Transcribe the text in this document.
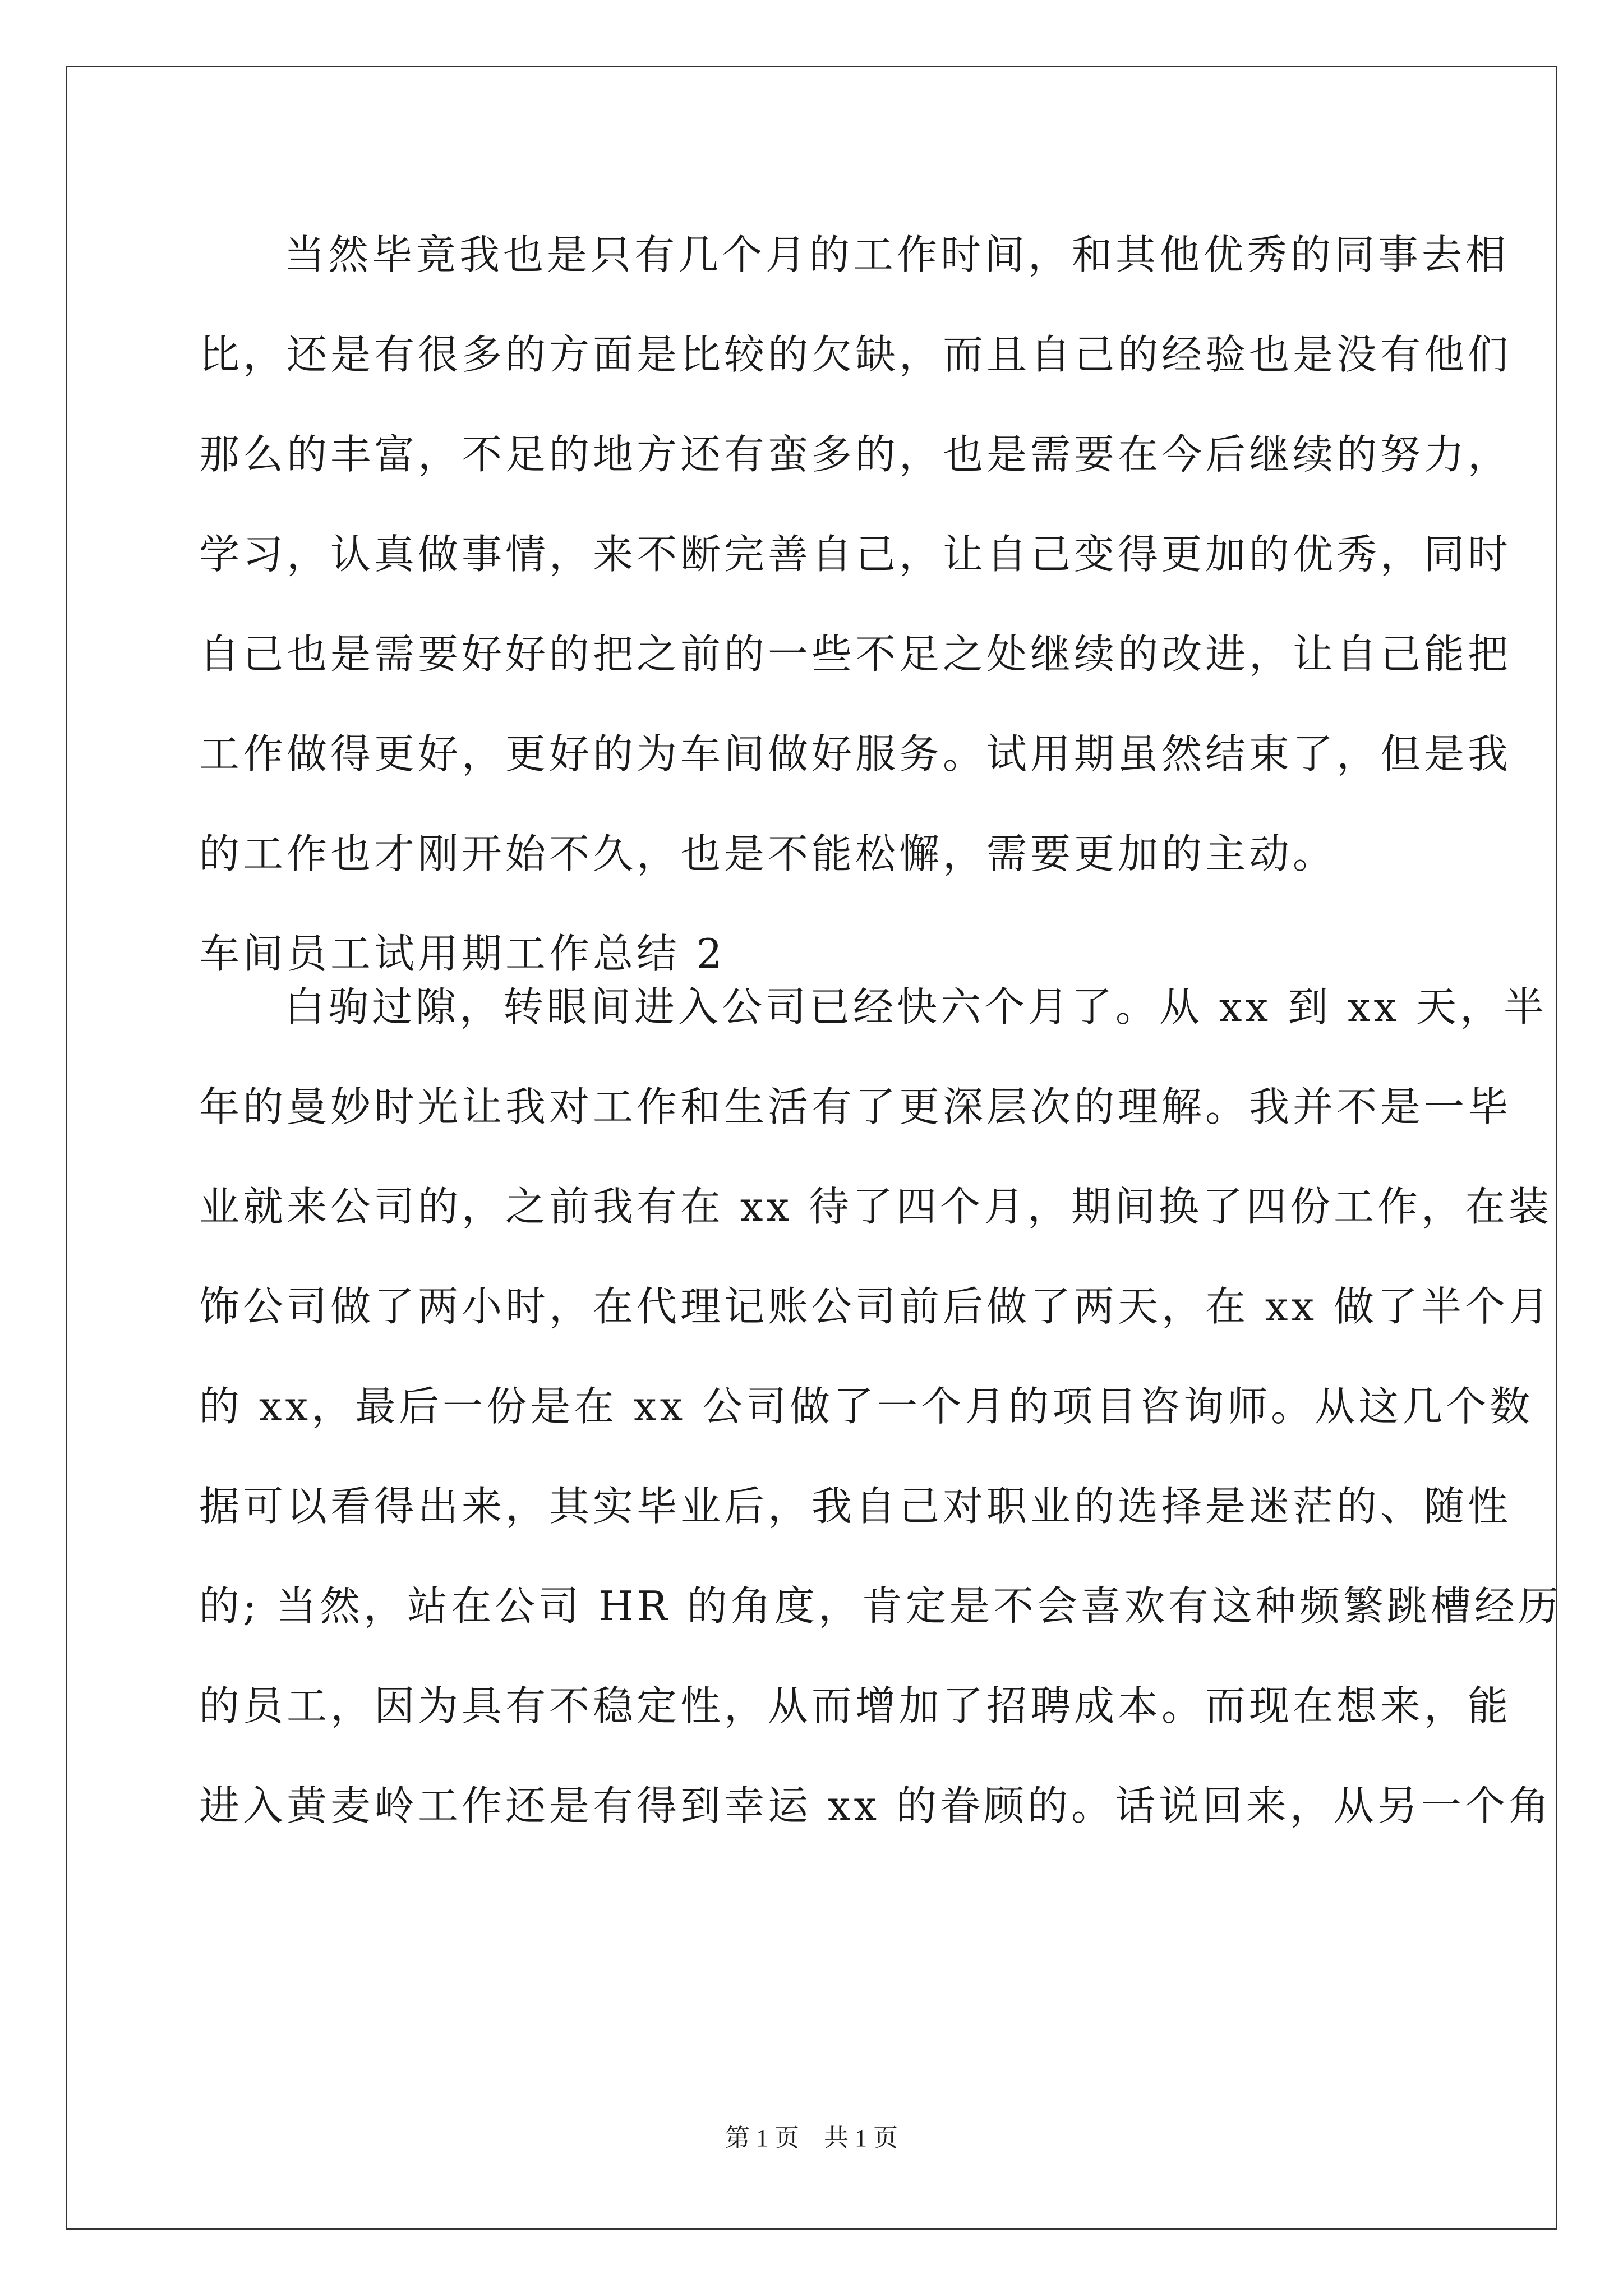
当然毕竟我也是只有几个月的工作时间，和其他优秀的同事去相
比，还是有很多的方面是比较的欠缺，而且自己的经验也是没有他们
那么的丰富，不足的地方还有蛮多的，也是需要在今后继续的努力，
学习，认真做事情，来不断完善自己，让自己变得更加的优秀，同时
自己也是需要好好的把之前的一些不足之处继续的改进，让自己能把
工作做得更好，更好的为车间做好服务。试用期虽然结束了，但是我
的工作也才刚开始不久，也是不能松懈，需要更加的主动。
车间员工试用期工作总结 2
白驹过隙，转眼间进入公司已经快六个月了。从 xx 到 xx 天，半
年的曼妙时光让我对工作和生活有了更深层次的理解。我并不是一毕
业就来公司的，之前我有在 xx 待了四个月，期间换了四份工作，在装
饰公司做了两小时，在代理记账公司前后做了两天，在 xx 做了半个月
的 xx，最后一份是在 xx 公司做了一个月的项目咨询师。从这几个数
据可以看得出来，其实毕业后，我自己对职业的选择是迷茫的、随性
的; 当然，站在公司 HR 的角度，肯定是不会喜欢有这种频繁跳槽经历
的员工，因为具有不稳定性，从而增加了招聘成本。而现在想来，能
进入黄麦岭工作还是有得到幸运 xx 的眷顾的。话说回来，从另一个角
第 1 页　共 1 页
